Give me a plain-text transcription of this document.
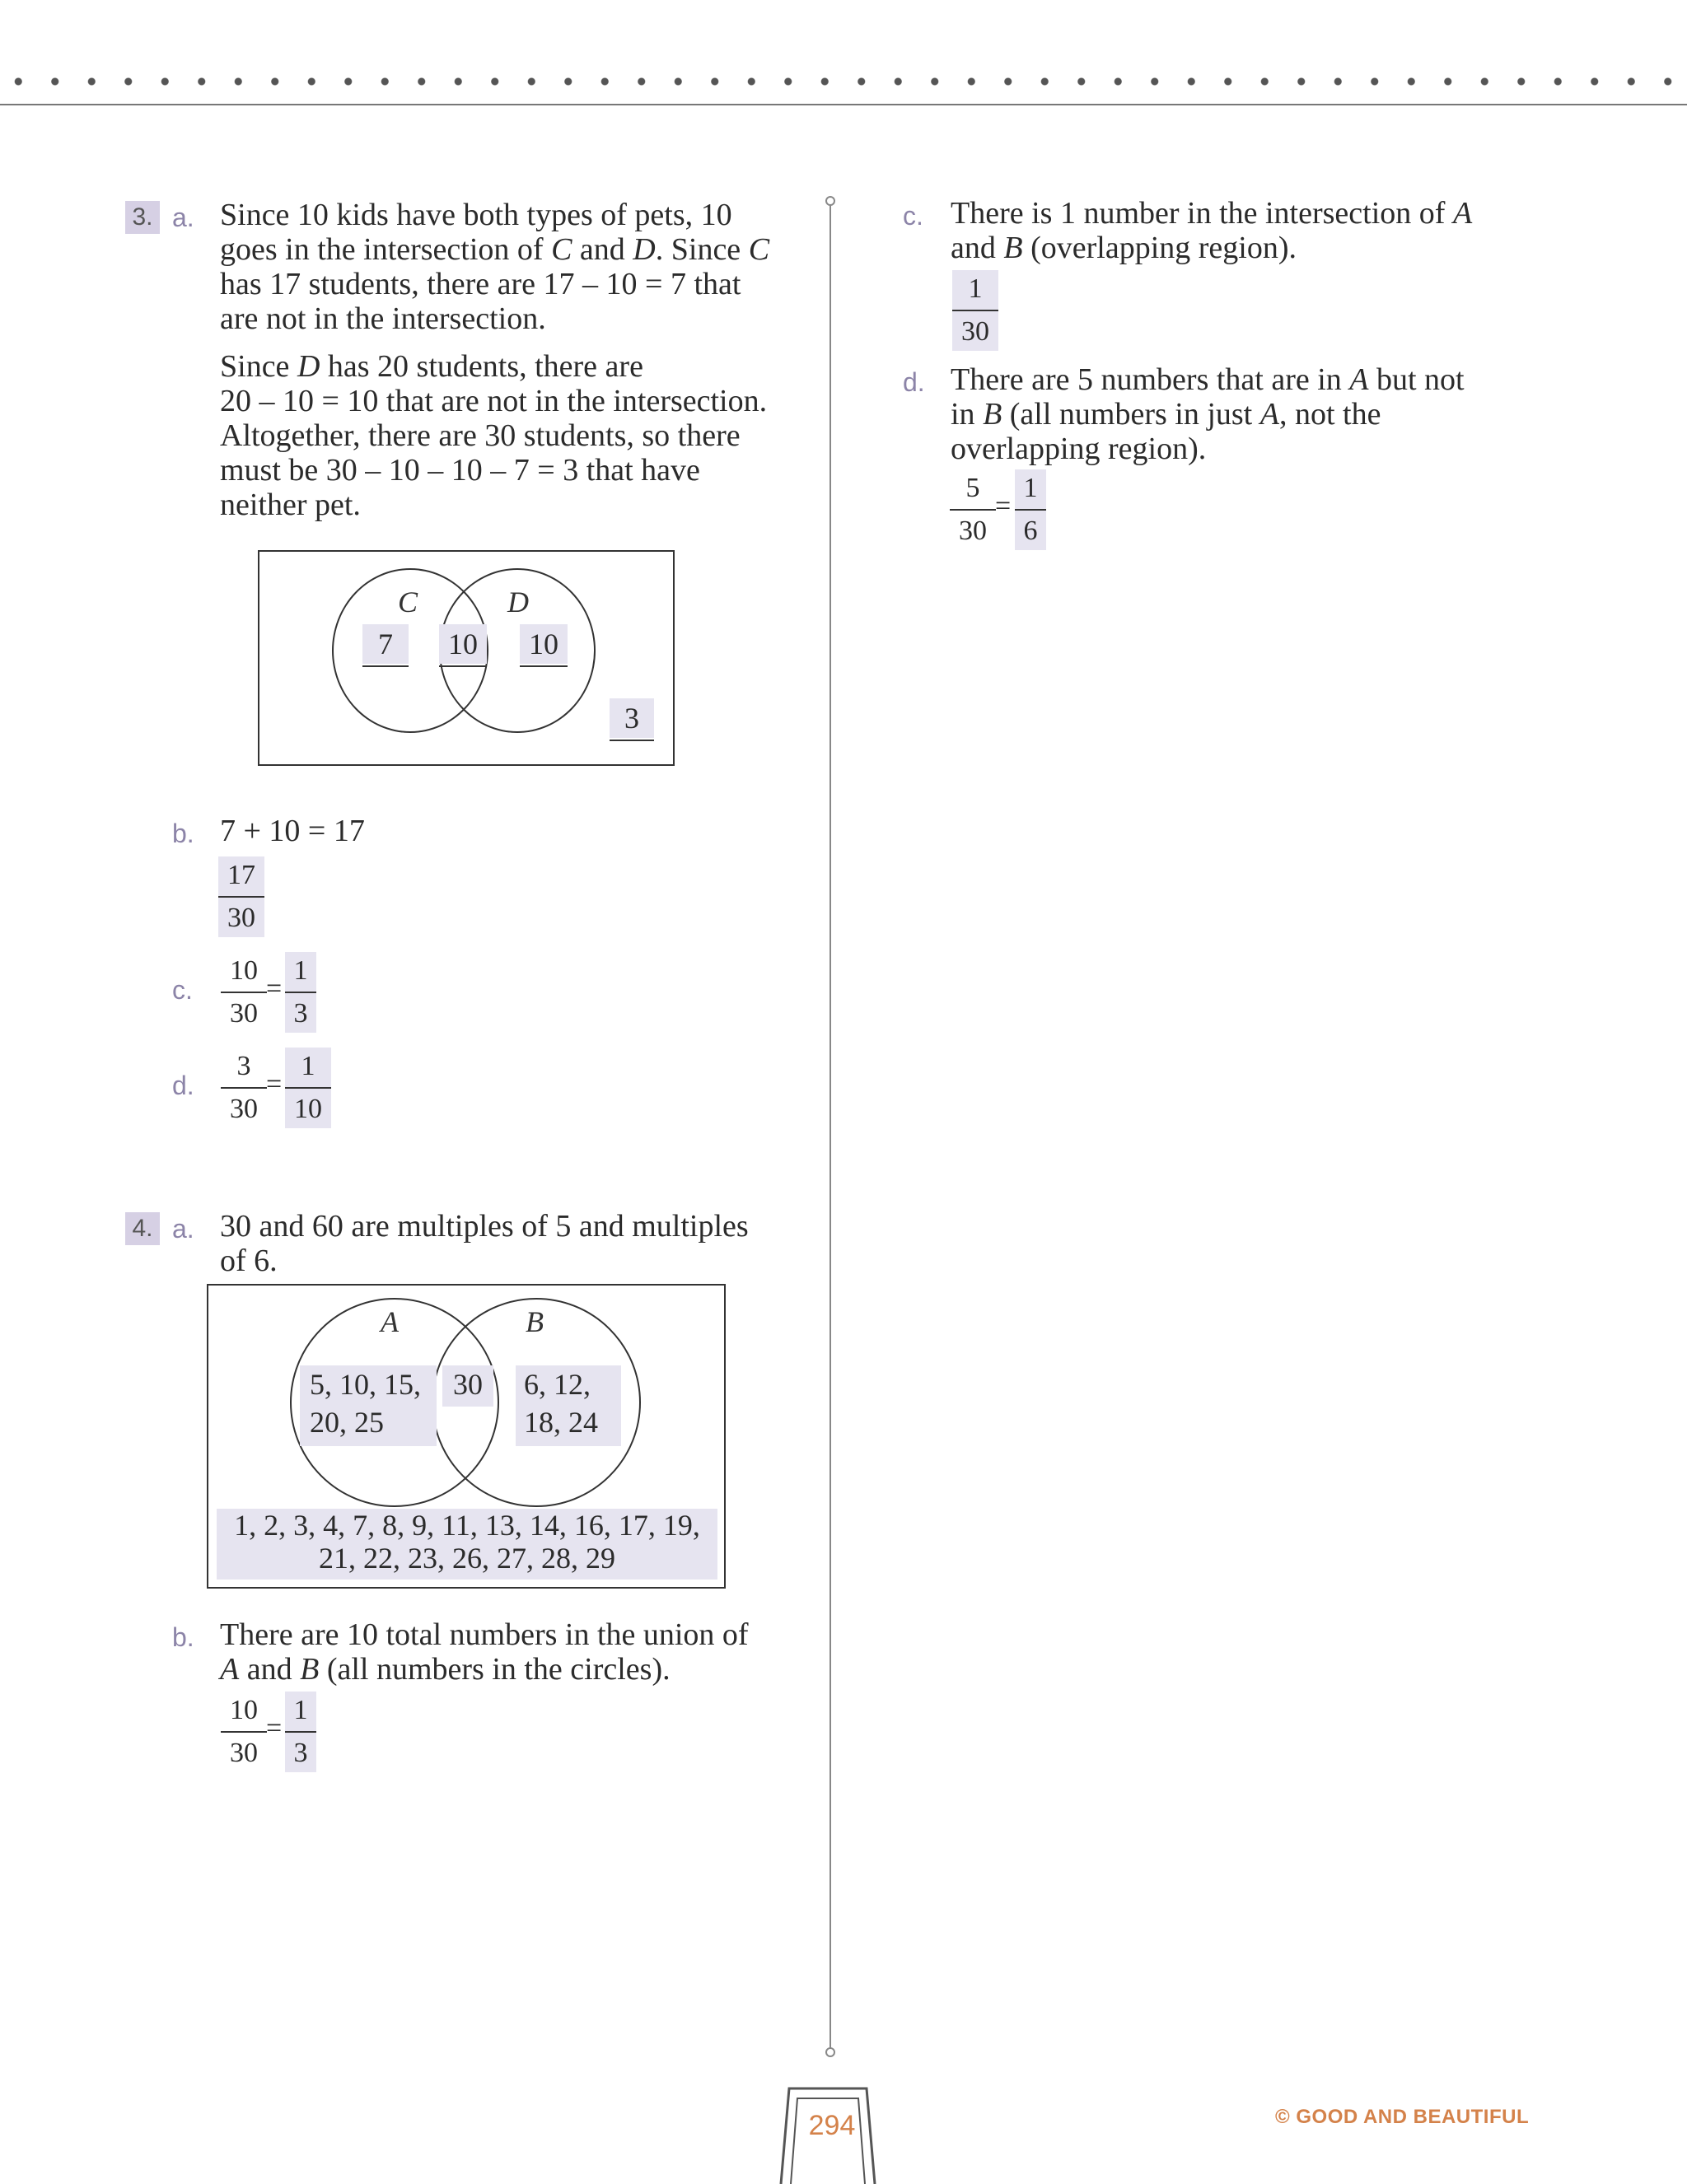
3. a. Since 10 kids have both types of pets, 10
goes in the intersection of C and D. Since C
has 17 students, there are 17 – 10 = 7 that
are not in the intersection.
Since D has 20 students, there are
20 – 10 = 10 that are not in the intersection.
Altogether, there are 30 students, so there
must be 30 – 10 – 10 – 7 = 3 that have
neither pet.
C	D
7	10	10
3
b. 7 + 10 = 17
17
30
c.
10
30
=
1
3
d.
3
30
=
1
10
4. a. 30 and 60 are multiples of 5 and multiples
of 6.
A	B
5, 10, 15,
20, 25
30	6, 12,
18, 24
1, 2, 3, 4, 7, 8, 9, 11, 13, 14, 16, 17, 19,
21, 22, 23, 26, 27, 28, 29
b. There are 10 total numbers in the union of
A and B (all numbers in the circles).
10
30
=
1
3
c. There is 1 number in the intersection of A
and B (overlapping region).
1
30
d. There are 5 numbers that are in A but not
in B (all numbers in just A, not the
overlapping region).
5
30
=
1
6
294	© GOOD AND BEAUTIFUL
